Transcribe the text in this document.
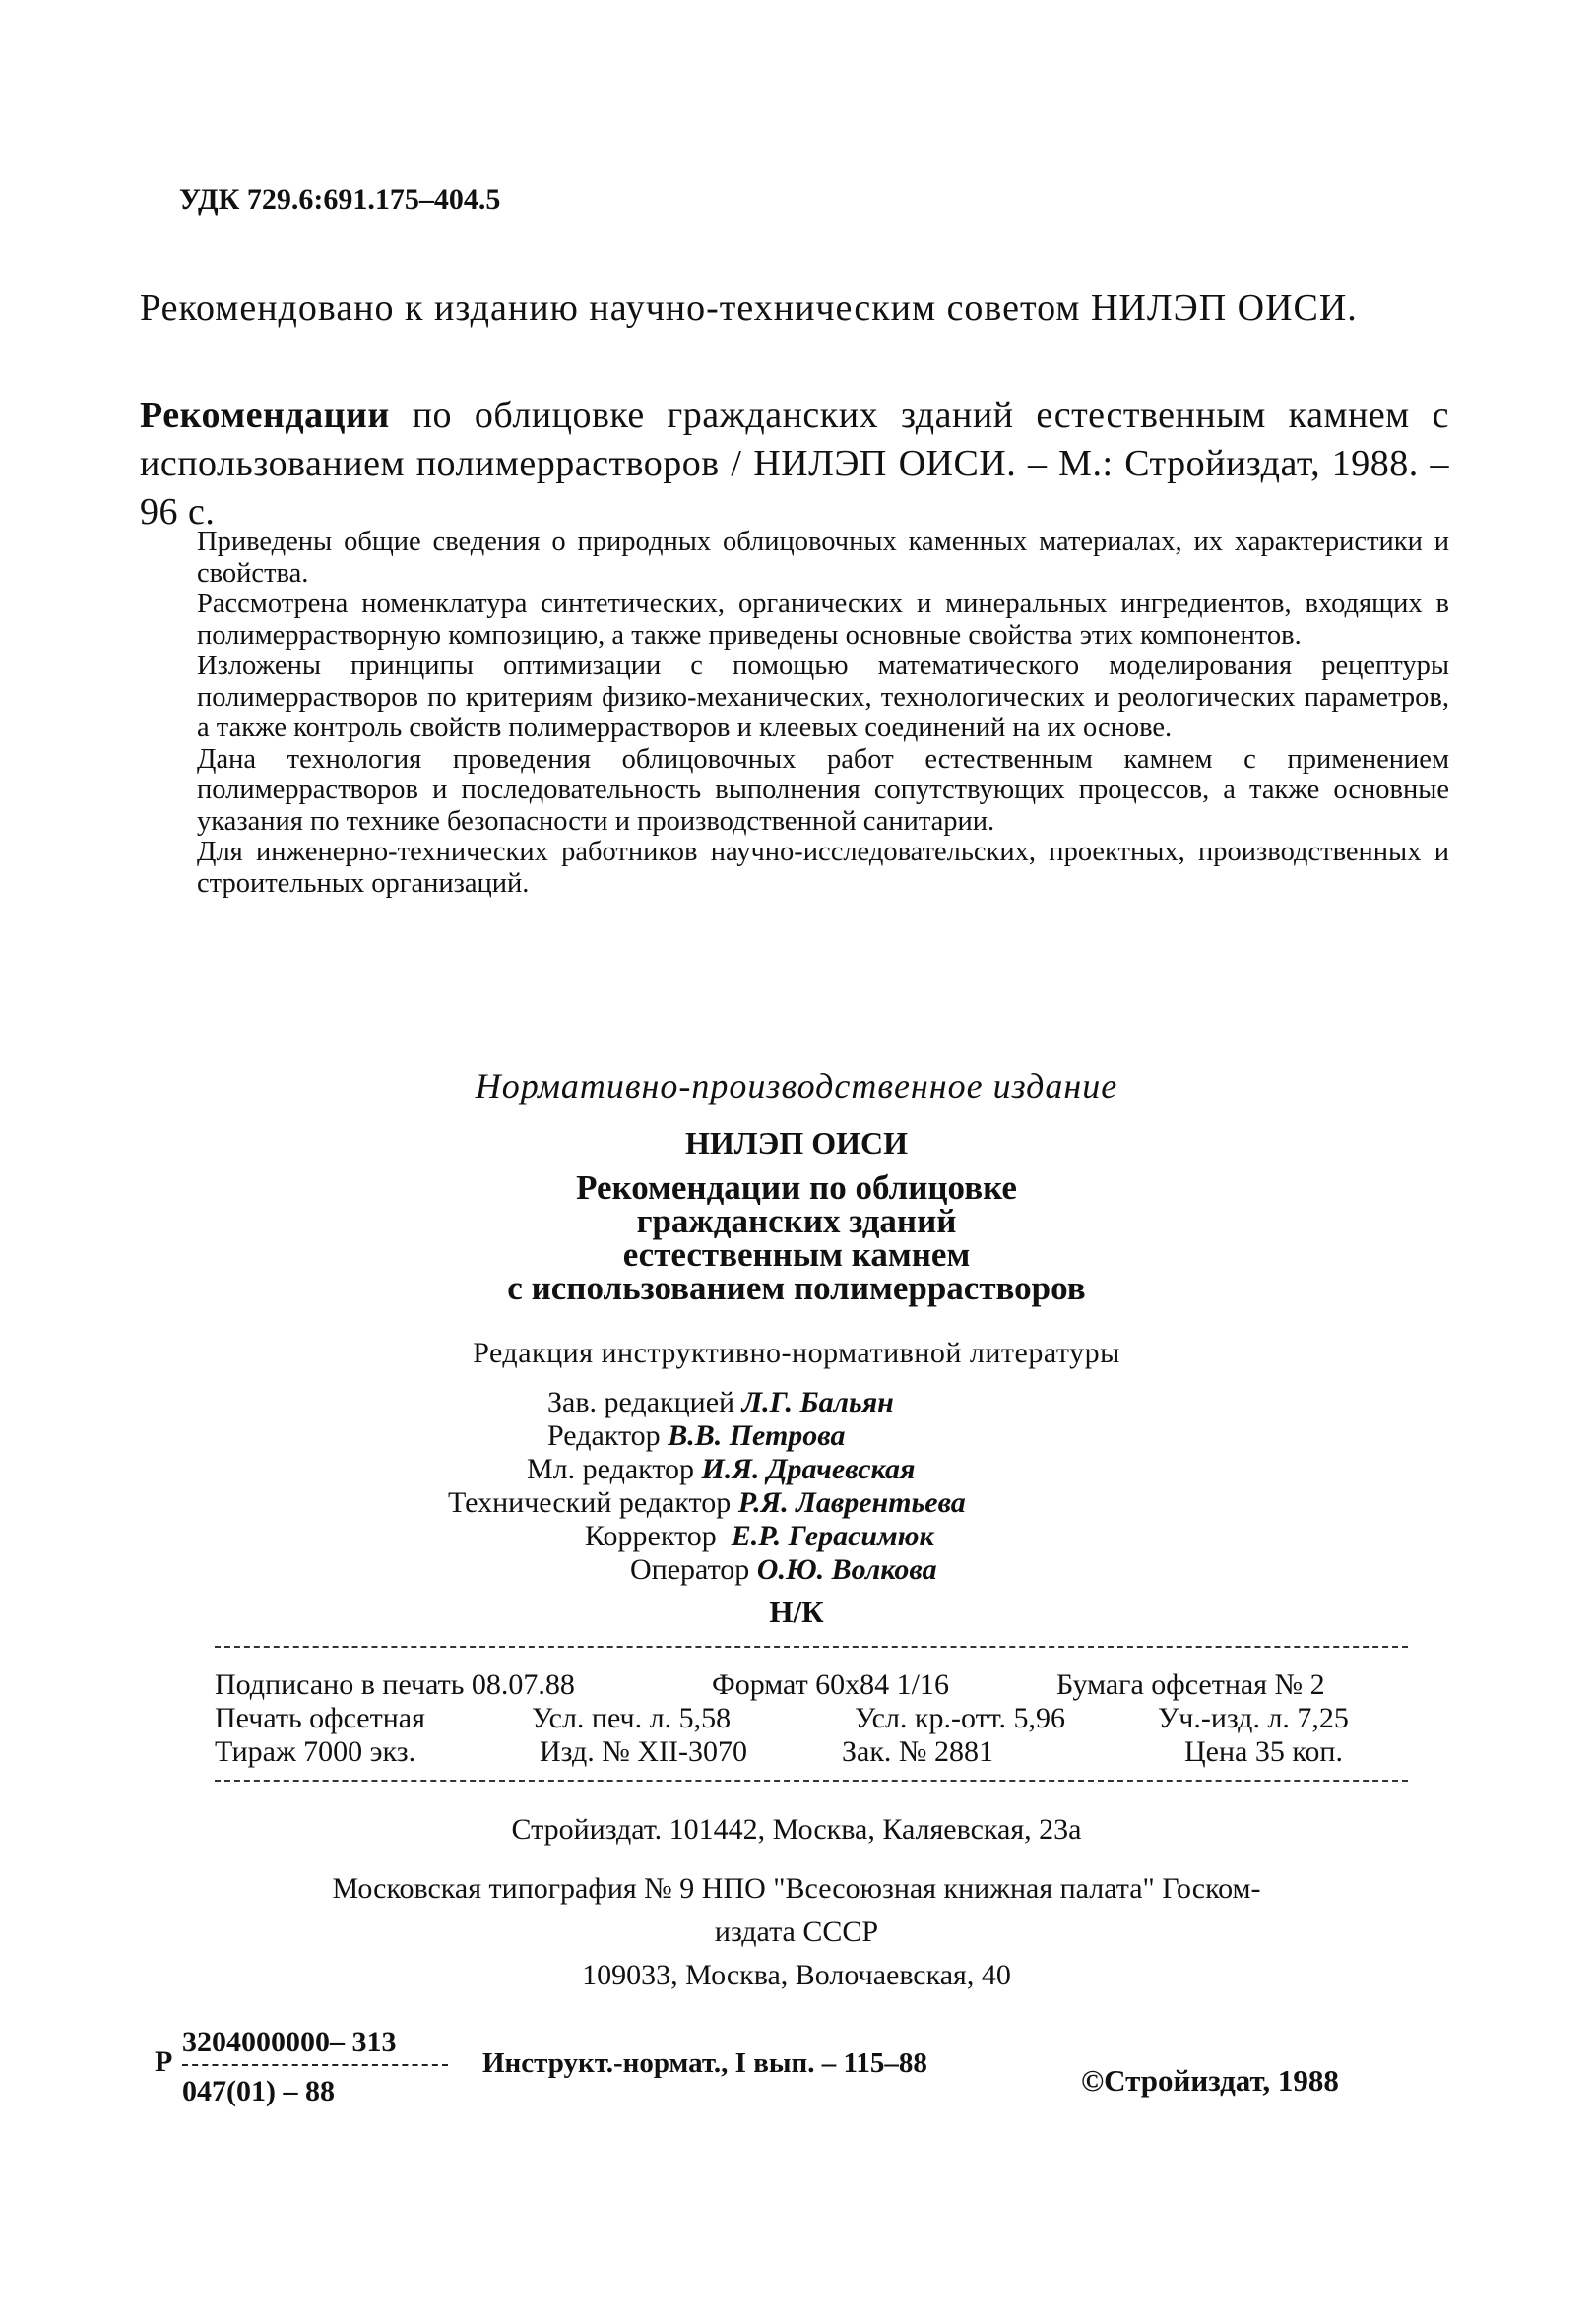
УДК 729.6:691.175–404.5
Рекомендовано к изданию научно-техническим советом НИЛЭП ОИСИ.
Рекомендации по облицовке гражданских зданий естественным камнем с использованием полимеррастворов / НИЛЭП ОИСИ. – М.: Стройиздат, 1988. – 96 с.

Приведены общие сведения о природных облицовочных каменных материалах, их характеристики и свойства.

Рассмотрена номенклатура синтетических, органических и минеральных ингредиентов, входящих в полимеррастворную композицию, а также приведены основные свойства этих компонентов.

Изложены принципы оптимизации с помощью математического моделирования рецептуры полимеррастворов по критериям физико-механических, технологических и реологических параметров, а также контроль свойств полимеррастворов и клеевых соединений на их основе.

Дана технология проведения облицовочных работ естественным камнем с применением полимеррастворов и последовательность выполнения сопутствующих процессов, а также основные указания по технике безопасности и производственной санитарии.

Для инженерно-технических работников научно-исследовательских, проектных, производственных и строительных организаций.

Нормативно-производственное издание
НИЛЭП ОИСИ
Рекомендации по облицовке
гражданских зданий
естественным камнем
с использованием полимеррастворов
Редакция инструктивно-нормативной литературы
Зав. редакцией Л.Г. Бальян
Редактор В.В. Петрова
Мл. редактор И.Я. Драчевская
Технический редактор Р.Я. Лаврентьева
Корректор Е.Р. Герасимюк
Оператор О.Ю. Волкова
Н/К
Подписано в печать 08.07.88	Формат 60х84 1/16	Бумага офсетная № 2
Печать офсетная	Усл. печ. л. 5,58	Усл. кр.-отт. 5,96	Уч.-изд. л. 7,25
Тираж 7000 экз.	Изд. № XII-3070	Зак. № 2881	Цена 35 коп.
Стройиздат. 101442, Москва, Каляевская, 23а
Московская типография № 9 НПО "Всесоюзная книжная палата" Госком-
издата СССР
109033, Москва, Волочаевская, 40
3204000000– 313
Р
047(01) – 88
Инструкт.-нормат., I вып. – 115–88	©Стройиздат, 1988
